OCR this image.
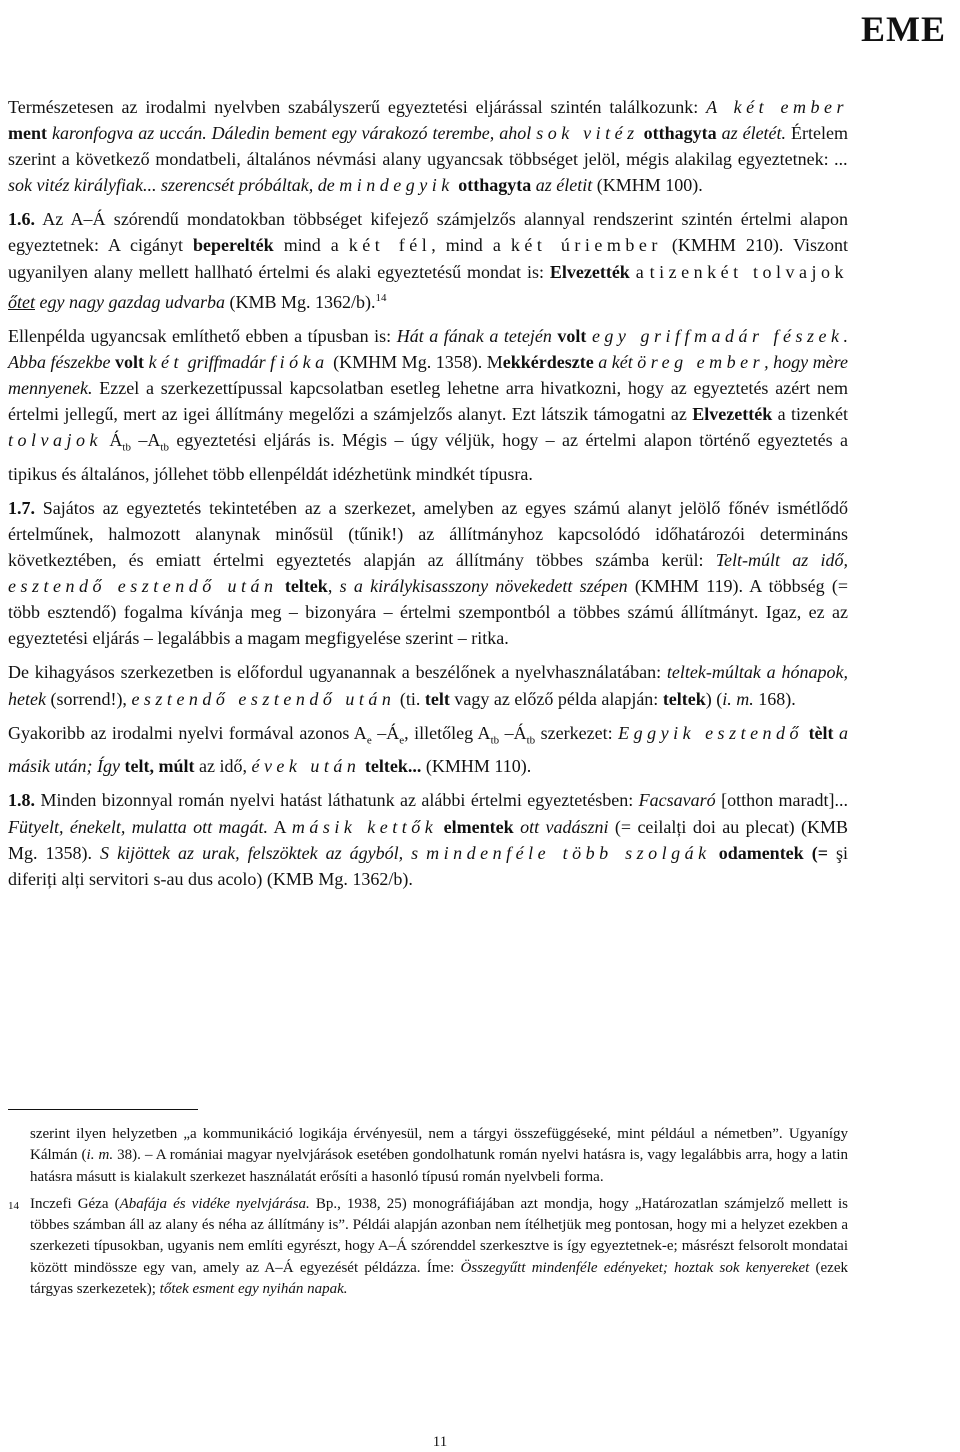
EME

Természetesen az irodalmi nyelvben szabályszerű egyeztetési eljárással szintén találkozunk: A két ember ment karonfogva az uccán. Dáledin bement egy várakozó terembe, ahol sok vitéz otthagyta az életét. Értelem szerint a következő mondatbeli, általános névmási alany ugyancsak többséget jelöl, mégis alakilag egyeztetnek: ... sok vitéz királyfiak... szerencsét próbáltak, de mindegyik otthagyta az életit (KMHM 100).

1.6. Az A–Á szórendű mondatokban többséget kifejező számjelzős alannyal rendszerint szintén értelmi alapon egyeztetnek: A cigányt beperelték mind a két fél, mind a két úriember (KMHM 210). Viszont ugyanilyen alany mellett hallható értelmi és alaki egyeztetésű mondat is: Elvezették a tizenkét tolvajok őtet egy nagy gazdag udvarba (KMB Mg. 1362/b).$^{14}$

Ellenpélda ugyancsak említhető ebben a típusban is: Hát a fának a tetején volt egy griffmadár fészek. Abba fészekbe volt két griffmadár fióka (KMHM Mg. 1358). Mekkérdeszte a két öreg ember, hogy mère mennyenek. Ezzel a szerkezettípussal kapcsolatban esetleg lehetne arra hivatkozni, hogy az egyeztetés azért nem értelmi jellegű, mert az igei állítmány megelőzi a számjelzős alanyt. Ezt látszik támogatni az Elvezették a tizenkét tolvajok $Á_{tb}$ $-A_{tb}$ egyeztetési eljárás is. Mégis – úgy véljük, hogy – az értelmi alapon történő egyeztetés a tipikus és általános, jóllehet több ellenpéldát idézhetünk mindkét típusra.

1.7. Sajátos az egyeztetés tekintetében az a szerkezet, amelyben az egyes számú alanyt jelölő főnév ismétlődő értelműnek, halmozott alanynak minősül (tűnik!) az állítmányhoz kapcsolódó időhatározói determináns következtében, és emiatt értelmi egyeztetés alapján az állítmány többes számba kerül: Telt-múlt az idő, esztendő esztendő után teltek, s a királykisasszony növekedett szépen (KMHM 119). A többség (= több esztendő) fogalma kívánja meg – bizonyára – értelmi szempontból a többes számú állítmányt. Igaz, ez az egyeztetési eljárás – legalábbis a magam megfigyelése szerint – ritka.

De kihagyásos szerkezetben is előfordul ugyanannak a beszélőnek a nyelvhasználatában: teltek-múltak a hónapok, hetek (sorrend!), esztendő esztendő után (ti. telt vagy az előző példa alapján: teltek) (i. m. 168).

Gyakoribb az irodalmi nyelvi formával azonos $A_e$ $-Á_e$, illetőleg $A_{tb}$ $-Á_{tb}$ szerkezet: Eggyik esztendő tèlt a másik után; Így telt, múlt az idő, évek után teltek... (KMHM 110).

1.8. Minden bizonnyal román nyelvi hatást láthatunk az alábbi értelmi egyeztetésben: Facsavaró [otthon maradt]... Fütyelt, énekelt, mulatta ott magát. A másik kettők elmentek ott vadászni (= ceilalți doi au plecat) (KMB Mg. 1358). S kijöttek az urak, felszöktek az ágyból, s mindenféle több szolgák odamentek (= şi diferiți alți servitori s-au dus acolo) (KMB Mg. 1362/b).

szerint ilyen helyzetben „a kommunikáció logikája érvényesül, nem a tárgyi összefüggéseké, mint például a németben”. Ugyanígy Kálmán (i. m. 38). – A romániai magyar nyelvjárások esetében gondolhatunk román nyelvi hatásra is, vagy legalábbis arra, hogy a latin hatásra másutt is kialakult szerkezet használatát erősíti a hasonló típusú román nyelvbeli forma.
14 Inczefi Géza (Abafája és vidéke nyelvjárása. Bp., 1938, 25) monográfiájában azt mondja, hogy „Határozatlan számjelző mellett is többes számban áll az alany és néha az állítmány is”. Példái alapján azonban nem ítélhetjük meg pontosan, hogy mi a helyzet ezekben a szerkezeti típusokban, ugyanis nem említi egyrészt, hogy A–Á szórenddel szerkesztve is így egyeztetnek-e; másrészt felsorolt mondatai között mindössze egy van, amely az A–Á egyezését példázza. Íme: Összegyűtt mindenféle edényeket; hoztak sok kenyereket (ezek tárgyas szerkezetek); tőtek esment egy nyihán napak.
11
